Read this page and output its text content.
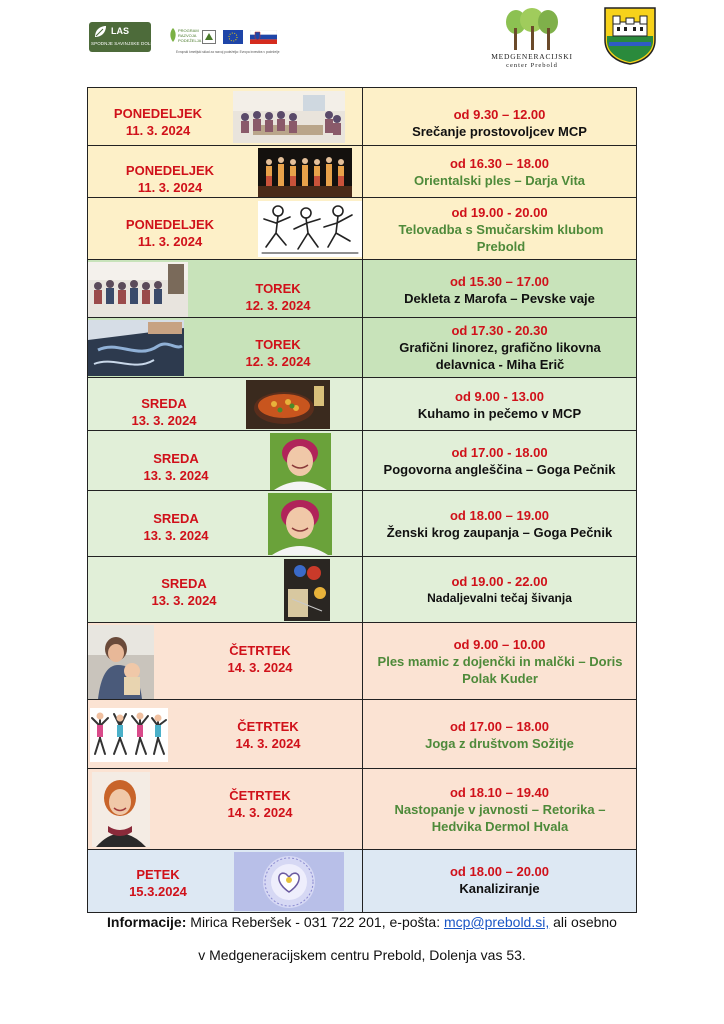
LAS
SPODNJE SAVINJSKE DOLINE
PROGRAM RAZVOJA PODEŽELJA
Evropski kmetijski sklad za razvoj podeželja: Evropa investira v podeželje	MEDGENERACIJSKI
center Prebold
PONEDELJEK
11. 3. 2024
od 9.30 – 12.00
Srečanje prostovoljcev MCP
PONEDELJEK
11. 3. 2024
od 16.30 – 18.00
Orientalski ples – Darja Vita
PONEDELJEK
11. 3. 2024
od 19.00 - 20.00
Telovadba s Smučarskim klubom Prebold
TOREK
12. 3. 2024
od 15.30 – 17.00
Dekleta z Marofa – Pevske vaje
TOREK
12. 3. 2024
od 17.30 - 20.30
Grafični linorez, grafično likovna delavnica - Miha Erič
SREDA
13. 3. 2024
od 9.00 - 13.00
Kuhamo in pečemo v MCP
SREDA
13. 3. 2024
od 17.00 - 18.00
Pogovorna angleščina – Goga Pečnik
SREDA
13. 3. 2024
od 18.00 – 19.00
Ženski krog zaupanja – Goga Pečnik
SREDA
13. 3. 2024
od 19.00 - 22.00
Nadaljevalni tečaj šivanja
ČETRTEK
14. 3. 2024
od 9.00 – 10.00
Ples mamic z dojenčki in malčki – Doris Polak Kuder
ČETRTEK
14. 3. 2024
od 17.00 – 18.00
Joga z društvom Sožitje
ČETRTEK
14. 3. 2024
od 18.10 – 19.40
Nastopanje v javnosti – Retorika – Hedvika Dermol Hvala
PETEK
15.3.2024
od 18.00 – 20.00
Kanaliziranje
Informacije: Mirica Reberšek - 031 722 201, e-pošta: mcp@prebold.si, ali osebno
v Medgeneracijskem centru Prebold, Dolenja vas 53.
